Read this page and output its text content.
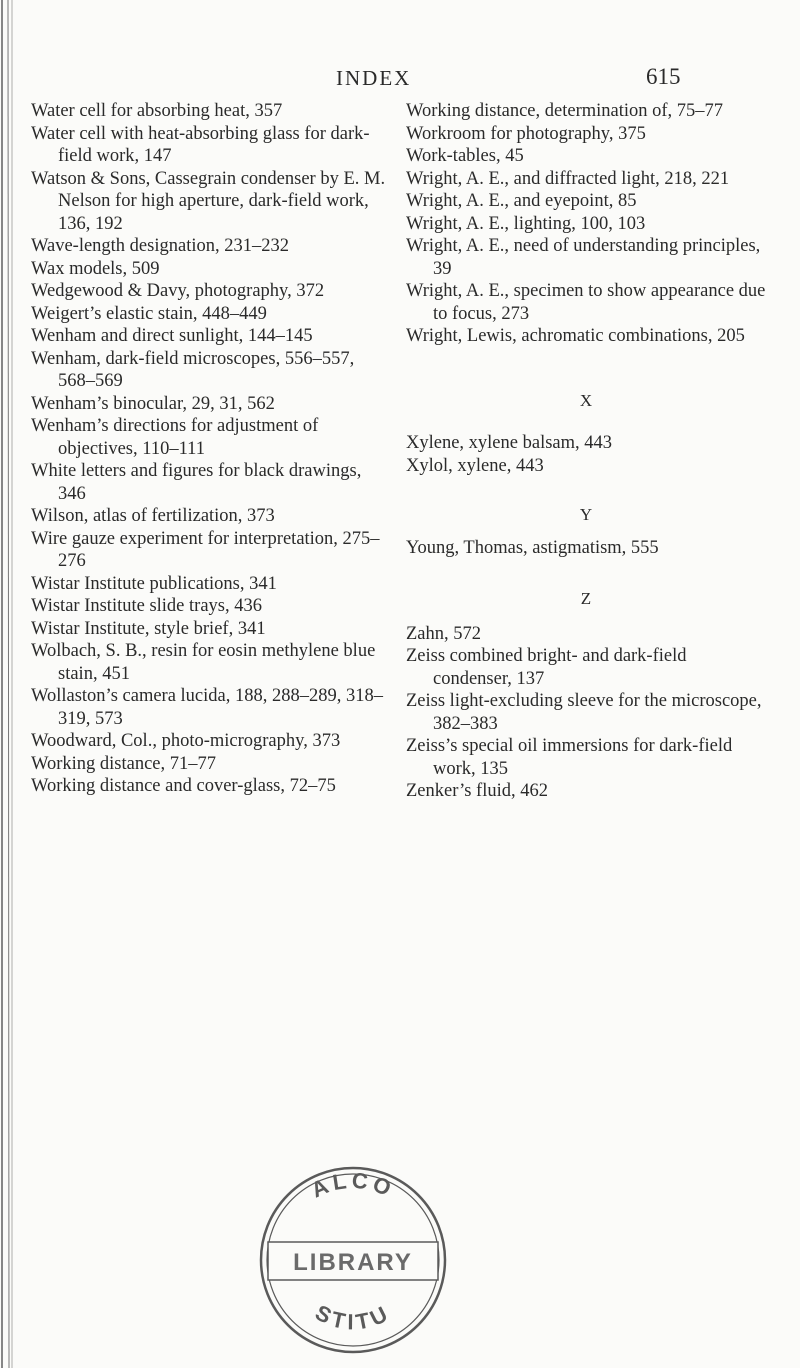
INDEX	615

Water cell for absorbing heat, 357

Water cell with heat-absorbing glass for dark-field work, 147

Watson & Sons, Cassegrain condenser by E. M. Nelson for high aperture, dark-field work, 136, 192

Wave-length designation, 231–232

Wax models, 509

Wedgewood & Davy, photography, 372

Weigert’s elastic stain, 448–449

Wenham and direct sunlight, 144–145

Wenham, dark-field microscopes, 556–557, 568–569

Wenham’s binocular, 29, 31, 562

Wenham’s directions for adjustment of objectives, 110–111

White letters and figures for black drawings, 346

Wilson, atlas of fertilization, 373

Wire gauze experiment for interpretation, 275–276

Wistar Institute publications, 341

Wistar Institute slide trays, 436

Wistar Institute, style brief, 341

Wolbach, S. B., resin for eosin methylene blue stain, 451

Wollaston’s camera lucida, 188, 288–289, 318–319, 573

Woodward, Col., photo-micrography, 373

Working distance, 71–77

Working distance and cover-glass, 72–75

Working distance, determination of, 75–77

Workroom for photography, 375

Work-tables, 45

Wright, A. E., and diffracted light, 218, 221

Wright, A. E., and eyepoint, 85

Wright, A. E., lighting, 100, 103

Wright, A. E., need of understanding principles, 39

Wright, A. E., specimen to show appearance due to focus, 273

Wright, Lewis, achromatic combinations, 205

X

Xylene, xylene balsam, 443

Xylol, xylene, 443

Y

Young, Thomas, astigmatism, 555

Z

Zahn, 572

Zeiss combined bright- and dark-field condenser, 137

Zeiss light-excluding sleeve for the microscope, 382–383

Zeiss’s special oil immersions for dark-field work, 135

Zenker’s fluid, 462

ALCO
LIBRARY
STITU
